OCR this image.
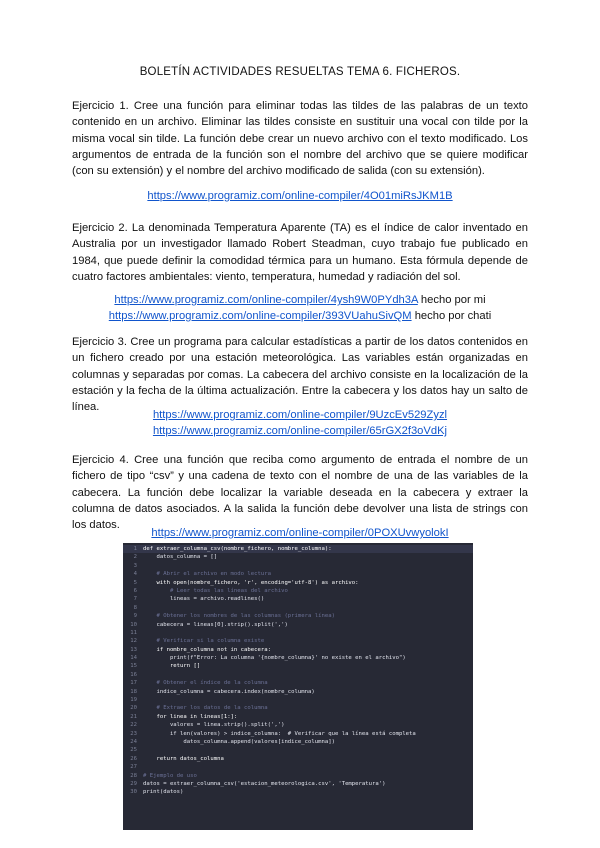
BOLETÍN ACTIVIDADES RESUELTAS TEMA 6. FICHEROS.
Ejercicio 1. Cree una función para eliminar todas las tildes de las palabras de un texto contenido en un archivo. Eliminar las tildes consiste en sustituir una vocal con tilde por la misma vocal sin tilde. La función debe crear un nuevo archivo con el texto modificado. Los argumentos de entrada de la función son el nombre del archivo que se quiere modificar (con su extensión) y el nombre del archivo modificado de salida (con su extensión).
https://www.programiz.com/online-compiler/4O01miRsJKM1B
Ejercicio 2. La denominada Temperatura Aparente (TA) es el índice de calor inventado en Australia por un investigador llamado Robert Steadman, cuyo trabajo fue publicado en 1984, que puede definir la comodidad térmica para un humano. Esta fórmula depende de cuatro factores ambientales: viento, temperatura, humedad y radiación del sol.
https://www.programiz.com/online-compiler/4ysh9W0PYdh3A hecho por mi
https://www.programiz.com/online-compiler/393VUahuSivQM hecho por chati
Ejercicio 3. Cree un programa para calcular estadísticas a partir de los datos contenidos en un fichero creado por una estación meteorológica. Las variables están organizadas en columnas y separadas por comas. La cabecera del archivo consiste en la localización de la estación y la fecha de la última actualización. Entre la cabecera y los datos hay un salto de línea.
https://www.programiz.com/online-compiler/9UzcEv529Zyzl
https://www.programiz.com/online-compiler/65rGX2f3oVdKj
Ejercicio 4. Cree una función que reciba como argumento de entrada el nombre de un fichero de tipo “csv” y una cadena de texto con el nombre de una de las variables de la cabecera. La función debe localizar la variable deseada en la cabecera y extraer la columna de datos asociados. A la salida la función debe devolver una lista de strings con los datos.
https://www.programiz.com/online-compiler/0POXUvwyolokI
1	def extraer_columna_csv(nombre_fichero, nombre_columna):
2	datos_columna = []
3
4	# Abrir el archivo en modo lectura
5	with open(nombre_fichero, 'r', encoding='utf-8') as archivo:
6	# Leer todas las líneas del archivo
7	lineas = archivo.readlines()
8
9	# Obtener los nombres de las columnas (primera línea)
10	cabecera = lineas[0].strip().split(',')
11
12	# Verificar si la columna existe
13	if nombre_columna not in cabecera:
14	print(f"Error: La columna '{nombre_columna}' no existe en el archivo")
15	return []
16
17	# Obtener el índice de la columna
18	indice_columna = cabecera.index(nombre_columna)
19
20	# Extraer los datos de la columna
21	for linea in lineas[1:]:
22	valores = linea.strip().split(',')
23	if len(valores) > indice_columna:  # Verificar que la línea está completa
24	datos_columna.append(valores[indice_columna])
25
26	return datos_columna
27
28	# Ejemplo de uso
29	datos = extraer_columna_csv('estacion_meteorologica.csv', 'Temperatura')
30	print(datos)
